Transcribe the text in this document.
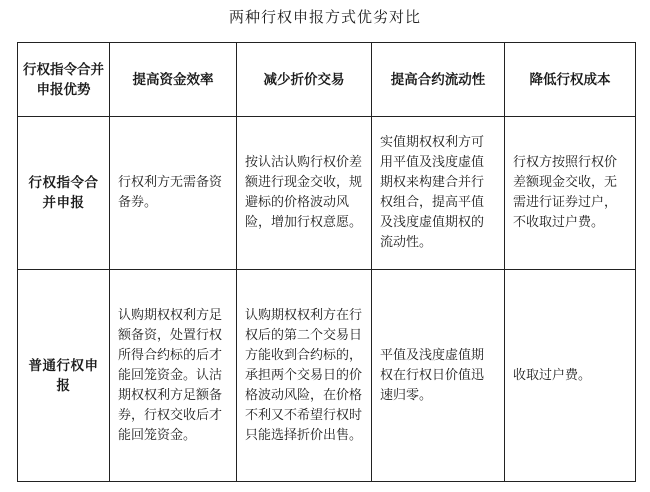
两种行权申报方式优劣对比
行权指令合并申报优势	提高资金效率	减少折价交易	提高合约流动性	降低行权成本
行权指令合并申报	行权利方无需备资备券。	按认沽认购行权价差额进行现金交收，规避标的价格波动风险，增加行权意愿。	实值期权权利方可用平值及浅度虚值期权来构建合并行权组合，提高平值及浅度虚值期权的流动性。	行权方按照行权价差额现金交收，无需进行证券过户，不收取过户费。
普通行权申报	认购期权权利方足额备资，处置行权所得合约标的后才能回笼资金。认沽期权权利方足额备券，行权交收后才能回笼资金。	认购期权权利方在行权后的第二个交易日方能收到合约标的，承担两个交易日的价格波动风险，在价格不利又不希望行权时只能选择折价出售。	平值及浅度虚值期权在行权日价值迅速归零。	收取过户费。
